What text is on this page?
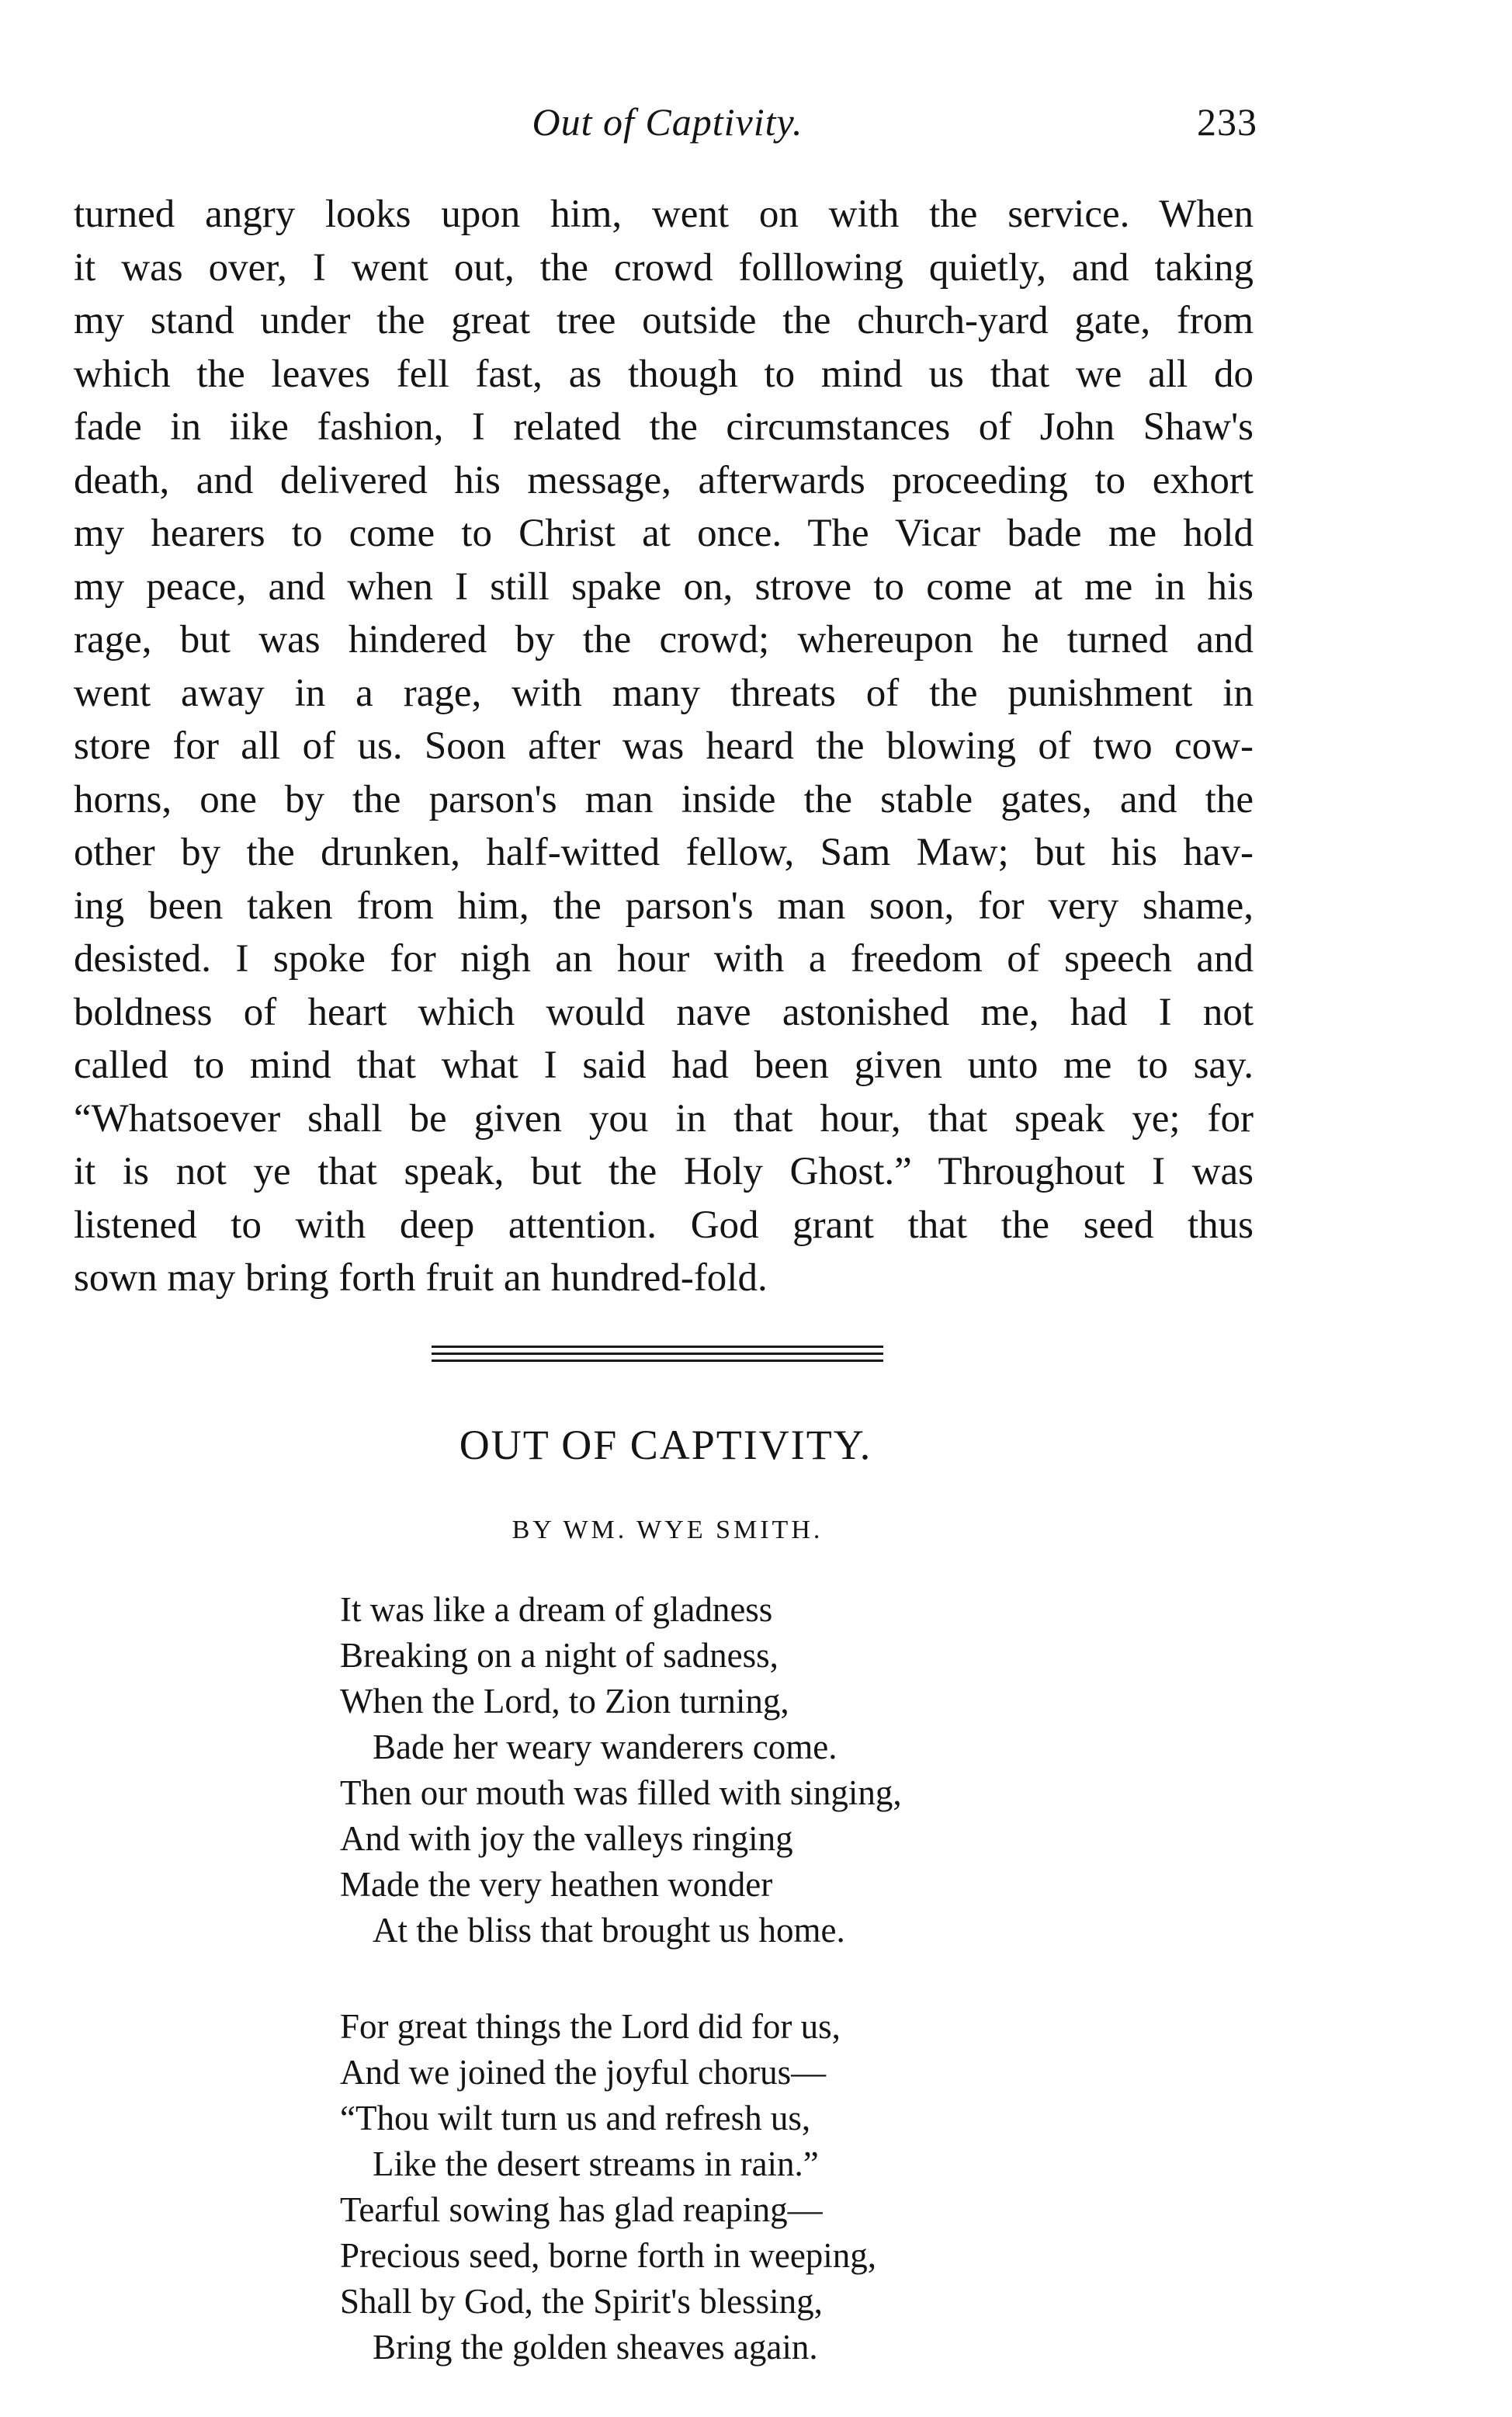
Out of Captivity.	233
turned angry looks upon him, went on with the service. When
it was over, I went out, the crowd folllowing quietly, and taking
my stand under the great tree outside the church-yard gate, from
which the leaves fell fast, as though to mind us that we all do
fade in iike fashion, I related the circumstances of John Shaw's
death, and delivered his message, afterwards proceeding to exhort
my hearers to come to Christ at once. The Vicar bade me hold
my peace, and when I still spake on, strove to come at me in his
rage, but was hindered by the crowd; whereupon he turned and
went away in a rage, with many threats of the punishment in
store for all of us. Soon after was heard the blowing of two cow-
horns, one by the parson's man inside the stable gates, and the
other by the drunken, half-witted fellow, Sam Maw; but his hav-
ing been taken from him, the parson's man soon, for very shame,
desisted. I spoke for nigh an hour with a freedom of speech and
boldness of heart which would nave astonished me, had I not
called to mind that what I said had been given unto me to say.
“Whatsoever shall be given you in that hour, that speak ye; for
it is not ye that speak, but the Holy Ghost.” Throughout I was
listened to with deep attention. God grant that the seed thus
sown may bring forth fruit an hundred-fold.
OUT OF CAPTIVITY.
BY WM. WYE SMITH.
It was like a dream of gladness
Breaking on a night of sadness,
When the Lord, to Zion turning,
Bade her weary wanderers come.
Then our mouth was filled with singing,
And with joy the valleys ringing
Made the very heathen wonder
At the bliss that brought us home.
For great things the Lord did for us,
And we joined the joyful chorus—
“Thou wilt turn us and refresh us,
Like the desert streams in rain.”
Tearful sowing has glad reaping—
Precious seed, borne forth in weeping,
Shall by God, the Spirit's blessing,
Bring the golden sheaves again.
